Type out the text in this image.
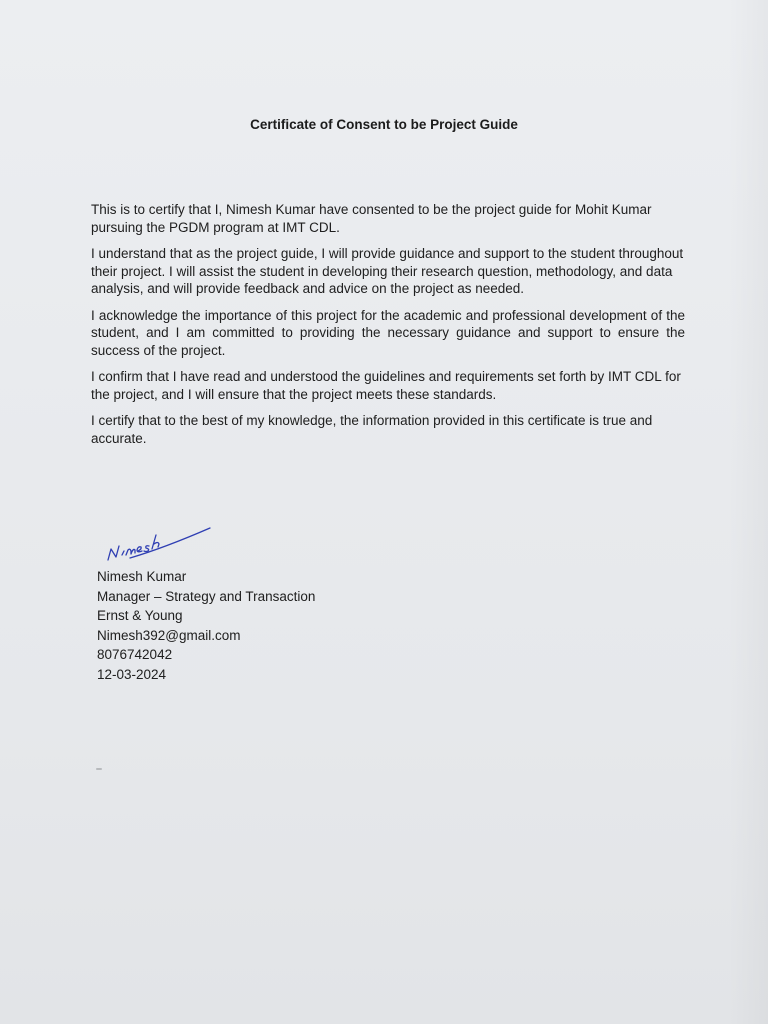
Certificate of Consent to be Project Guide

This is to certify that I, Nimesh Kumar have consented to be the project guide for Mohit Kumar pursuing the PGDM program at IMT CDL.

I understand that as the project guide, I will provide guidance and support to the student throughout their project. I will assist the student in developing their research question, methodology, and data analysis, and will provide feedback and advice on the project as needed.

I acknowledge the importance of this project for the academic and professional development of the student, and I am committed to providing the necessary guidance and support to ensure the success of the project.

I confirm that I have read and understood the guidelines and requirements set forth by IMT CDL for the project, and I will ensure that the project meets these standards.

I certify that to the best of my knowledge, the information provided in this certificate is true and accurate.

Nimesh Kumar
Manager – Strategy and Transaction
Ernst & Young
Nimesh392@gmail.com
8076742042
12-03-2024
